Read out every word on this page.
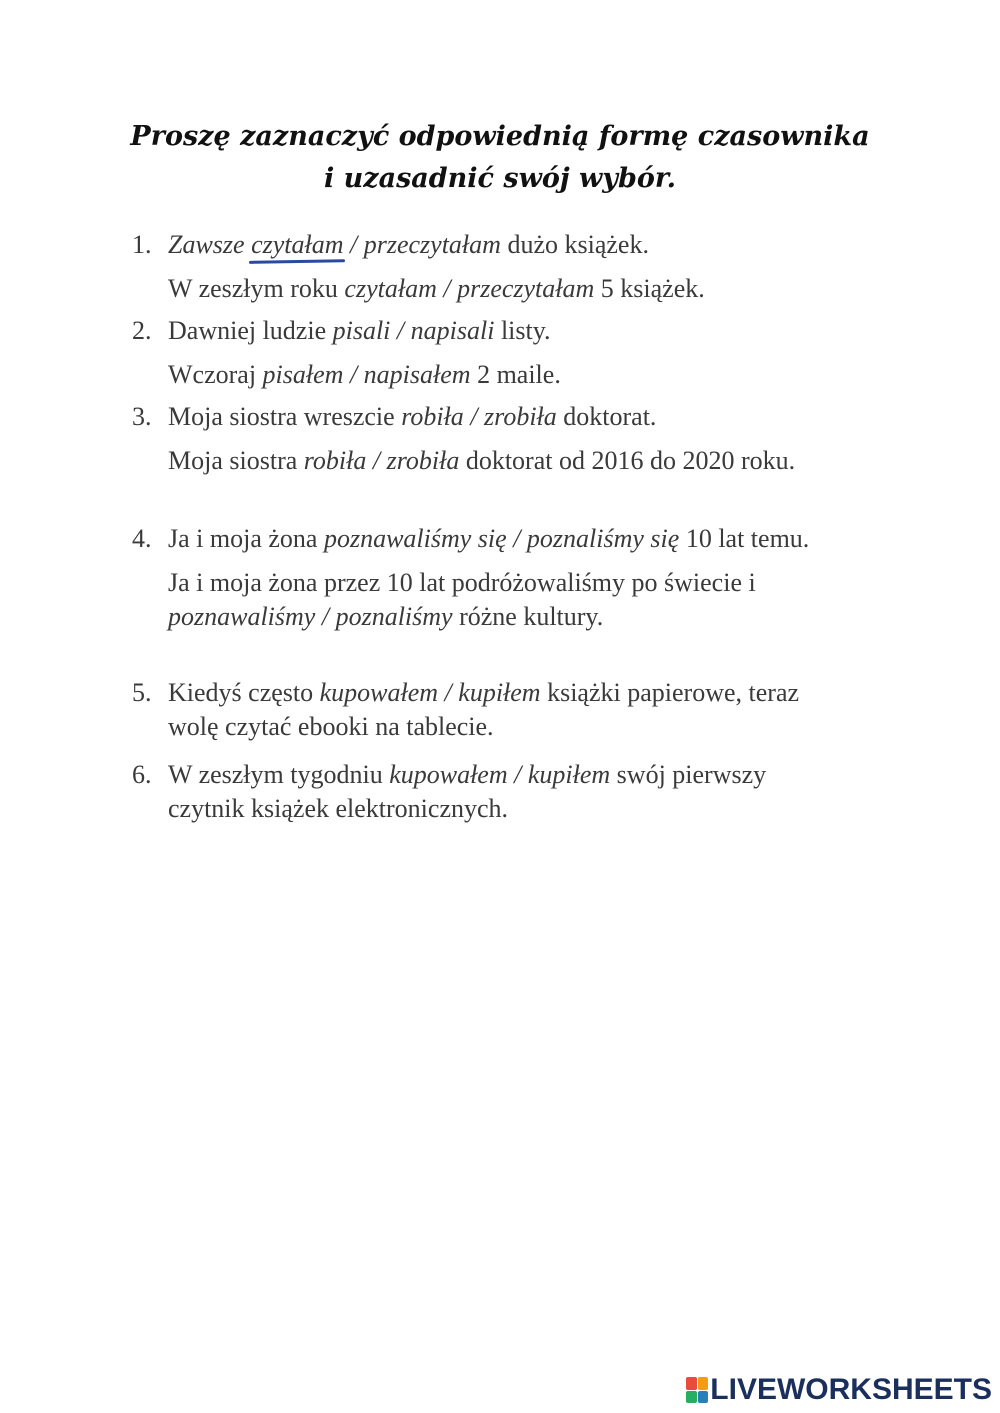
Proszę zaznaczyć odpowiednią formę czasownika
i uzasadnić swój wybór.
1. Zawsze czytałam
/ przeczytałam dużo książek.
W zeszłym roku czytałam / przeczytałam 5 książek.
2. Dawniej ludzie pisali / napisali listy.
Wczoraj pisałem / napisałem 2 maile.
3. Moja siostra wreszcie robiła / zrobiła doktorat.
Moja siostra robiła / zrobiła doktorat od 2016 do 2020 roku.
4. Ja i moja żona poznawaliśmy się / poznaliśmy się 10 lat temu.
Ja i moja żona przez 10 lat podróżowaliśmy po świecie i poznawaliśmy / poznaliśmy różne kultury.
5. Kiedyś często kupowałem / kupiłem książki papierowe, teraz wolę czytać ebooki na tablecie.
6. W zeszłym tygodniu kupowałem / kupiłem swój pierwszy czytnik książek elektronicznych.
LIVEWORKSHEETS
